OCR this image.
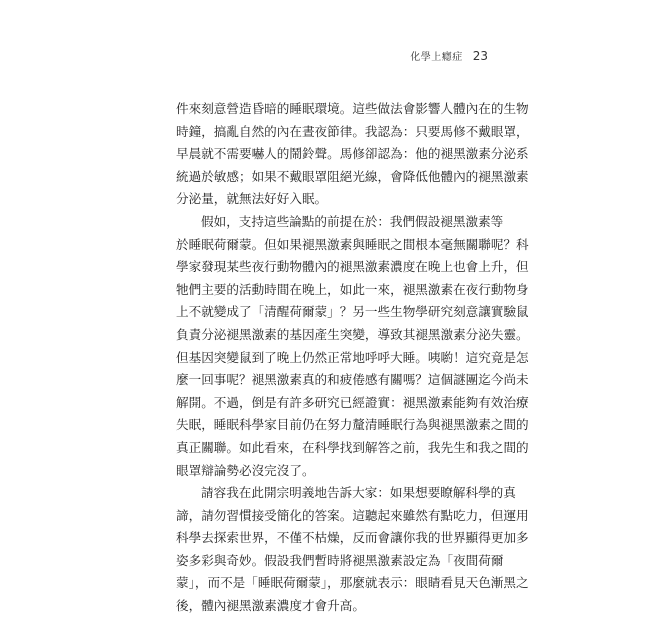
化學上癮症 23
件來刻意營造昏暗的睡眠環境。這些做法會影響人體內在的生物
時鐘，搞亂自然的內在晝夜節律。我認為：只要馬修不戴眼罩，
早晨就不需要嚇人的鬧鈴聲。馬修卻認為：他的褪黑激素分泌系
統過於敏感；如果不戴眼罩阻絕光線，會降低他體內的褪黑激素
分泌量，就無法好好入眠。
假如，支持這些論點的前提在於：我們假設褪黑激素等
於睡眠荷爾蒙。但如果褪黑激素與睡眠之間根本毫無關聯呢？科
學家發現某些夜行動物體內的褪黑激素濃度在晚上也會上升，但
牠們主要的活動時間在晚上，如此一來，褪黑激素在夜行動物身
上不就變成了「清醒荷爾蒙」？另一些生物學研究刻意讓實驗鼠
負責分泌褪黑激素的基因產生突變，導致其褪黑激素分泌失靈。
但基因突變鼠到了晚上仍然正常地呼呼大睡。咦喲！這究竟是怎
麼一回事呢？褪黑激素真的和疲倦感有關嗎？這個謎團迄今尚未
解開。不過，倒是有許多研究已經證實：褪黑激素能夠有效治療
失眠，睡眠科學家目前仍在努力釐清睡眠行為與褪黑激素之間的
真正關聯。如此看來，在科學找到解答之前，我先生和我之間的
眼罩辯論勢必沒完沒了。
請容我在此開宗明義地告訴大家：如果想要瞭解科學的真
諦，請勿習慣接受簡化的答案。這聽起來雖然有點吃力，但運用
科學去探索世界，不僅不枯燥，反而會讓你我的世界顯得更加多
姿多彩與奇妙。假設我們暫時將褪黑激素設定為「夜間荷爾
蒙」，而不是「睡眠荷爾蒙」，那麼就表示：眼睛看見天色漸黑之
後，體內褪黑激素濃度才會升高。
